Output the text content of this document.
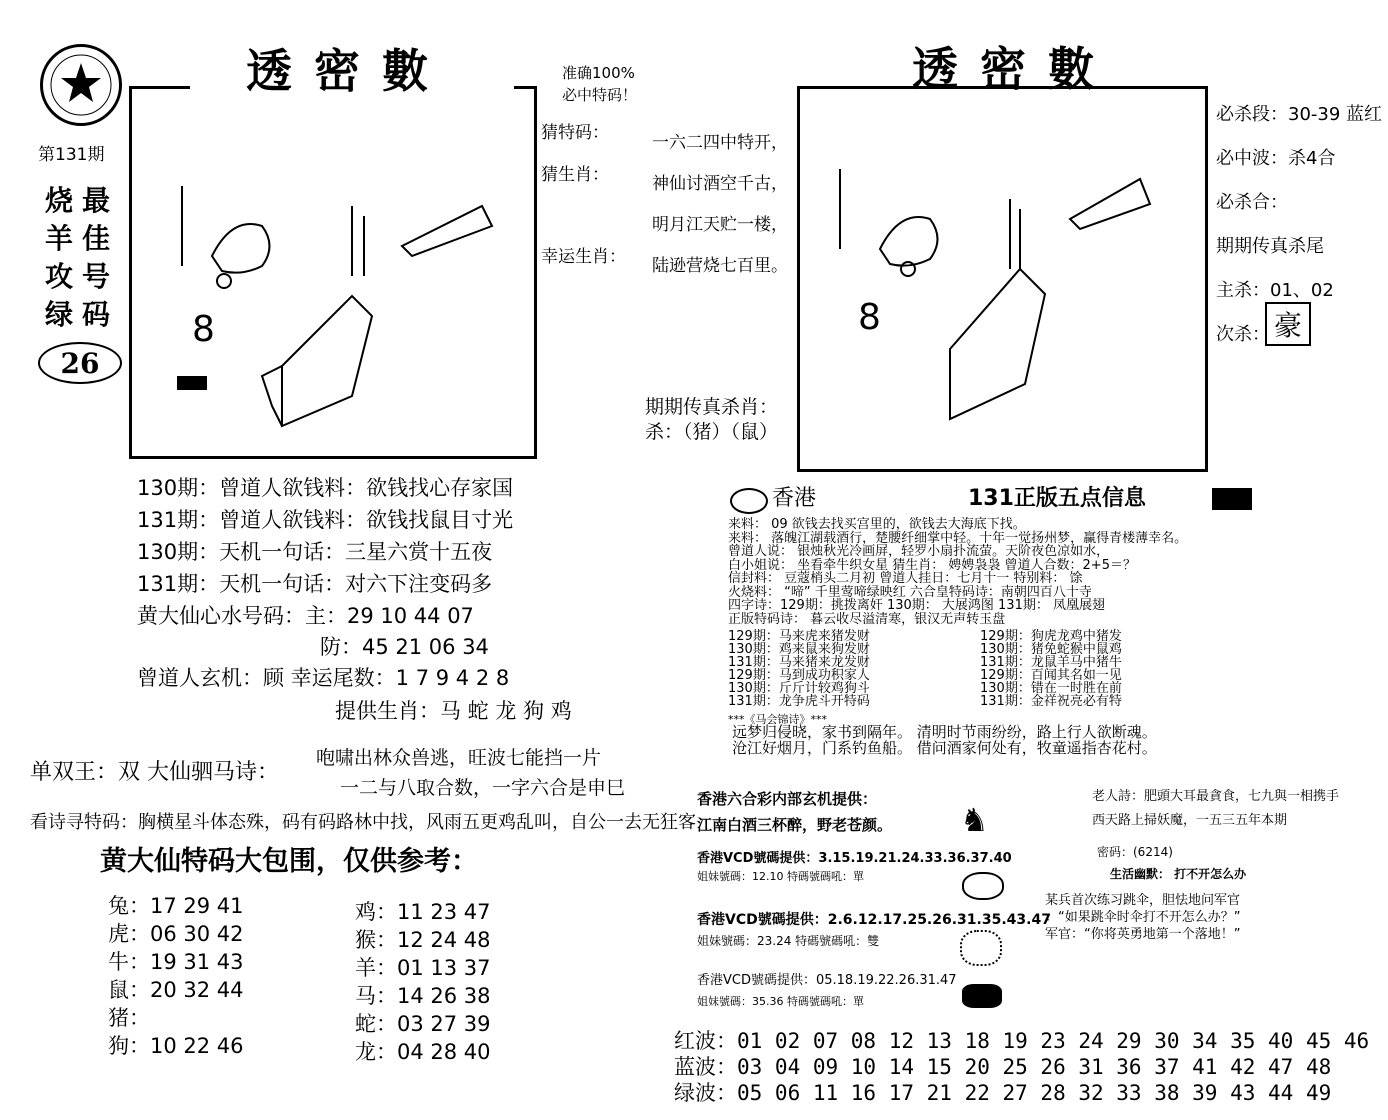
透密數
第131期
烧
羊
攻
绿
最
佳
号
码
26
8
准确100%
必中特码！
猜特码：
猜生肖：
幸运生肖：
一六二四中特开，
神仙讨酒空千古，
明月江天贮一楼，
陆逊营烧七百里。
期期传真杀肖：
杀：（猪）（鼠）
透密數
8
必杀段：30-39 蓝红
必中波：杀4合
必杀合：
期期传真杀尾
主杀：01、02
次杀： 豪
130期：曾道人欲钱料：欲钱找心存家国
131期：曾道人欲钱料：欲钱找鼠目寸光
130期：天机一句话：三星六赏十五夜
131期：天机一句话：对六下注变码多
黄大仙心水号码：主：29 10 44 07
防：45 21 06 34
曾道人玄机：顾 幸运尾数：1 7 9 4 2 8
提供生肖：马 蛇 龙 狗 鸡
单双王：双 大仙驷马诗：
咆啸出林众兽逃，旺波七能挡一片
一二与八取合数，一字六合是申巳
看诗寻特码：胸横星斗体态殊，码有码路林中找，风雨五更鸡乱叫，自公一去无狂客
黄大仙特码大包围，仅供参考：
兔：17 29 41
虎：06 30 42
牛：19 31 43
鼠：20 32 44
猪：
狗：10 22 46
鸡：11 23 47
猴：12 24 48
羊：01 13 37
马：14 26 38
蛇：03 27 39
龙：04 28 40
香港	131正版五点信息
来料： 09 欲钱去找买宫里的，欲钱去大海底下找。
来料： 落魄江湖载酒行，楚腰纤细掌中轻。十年一觉扬州梦，赢得青楼薄幸名。
曾道人说： 银烛秋光冷画屏，轻罗小扇扑流萤。天阶夜色凉如水，
白小姐说： 坐看牵牛织女星 猜生肖： 娉娉袅袅 曾道人合数：2+5＝？
信封料： 豆蔻梢头二月初 曾道人挂日：七月十一 特别料： 馀
火烧料： “啼” 千里莺啼绿映红 六合皇特码诗：南朝四百八十寺
四字诗：129期：挑拨离奸 130期： 大展鸿图 131期： 凤凰展翅
正版特码诗： 暮云收尽溢清寒，银汉无声转玉盘
129期：马来虎来猪发财
130期：鸡来鼠来狗发财
131期：马来猪来龙发财
129期：马到成功积家人
130期：斤斤计较鸡狗斗
131期：龙争虎斗开特码
129期：狗虎龙鸡中猪发
130期：猪免蛇猴中鼠鸡
131期：龙鼠羊马中猪牛
129期：百闻其名如一见
130期：错在一时胜在前
131期：金祥祝亮必有特
***《马会锦诗》***
远梦归侵晓，家书到隔年。 清明时节雨纷纷，路上行人欲断魂。
沧江好烟月，门系钓鱼船。 借问酒家何处有，牧童遥指杏花村。
香港六合彩内部玄机提供：
江南白酒三杯醉，野老苍颜。
香港VCD號碼提供：3.15.19.21.24.33.36.37.40
姐妹號碼：12.10 特碼號碼吼：單
香港VCD號碼提供：2.6.12.17.25.26.31.35.43.47
姐妹號碼：23.24 特碼號碼吼：雙
香港VCD號碼提供：05.18.19.22.26.31.47
姐妹號碼：35.36 特碼號碼吼：單
♞
老人詩：肥頭大耳最貪食，七九與一相携手
西天路上掃妖魔，一五三五年本期
密码：(6214)
生活幽默： 打不开怎么办
某兵首次练习跳伞，胆怯地问军官
：“如果跳伞时伞打不开怎么办？”
军官：“你将英勇地第一个落地！”
红波：01 02 07 08 12 13 18 19 23 24 29 30 34 35 40 45 46
蓝波：03 04 09 10 14 15 20 25 26 31 36 37 41 42 47 48
绿波：05 06 11 16 17 21 22 27 28 32 33 38 39 43 44 49
